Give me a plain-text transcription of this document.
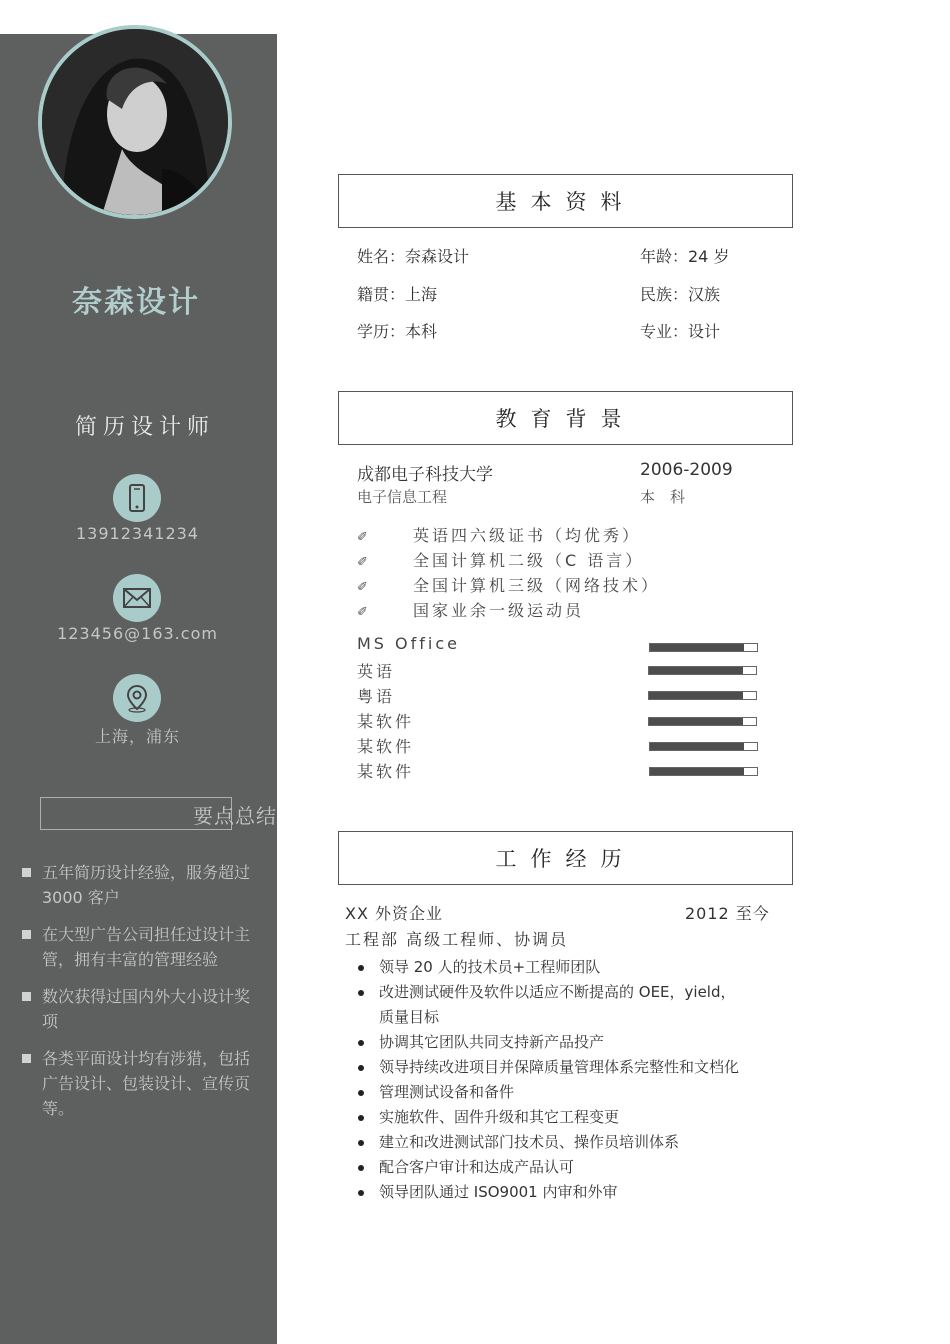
奈森设计
简历设计师
13912341234
123456@163.com
上海，浦东
要点总结
五年简历设计经验，服务超过 3000 客户
在大型广告公司担任过设计主管，拥有丰富的管理经验
数次获得过国内外大小设计奖项
各类平面设计均有涉猎，包括广告设计、包装设计、宣传页等。
基本资料
姓名：奈森设计	年龄：24 岁
籍贯：上海	民族：汉族
学历：本科	专业：设计
教育背景
成都电子科技大学	2006-2009
电子信息工程	本　科
✐	英语四六级证书（均优秀）
✐	全国计算机二级（C 语言）
✐	全国计算机三级（网络技术）
✐	国家业余一级运动员
MS Office
英语
粤语
某软件
某软件
某软件
工作经历
XX 外资企业	2012 至今
工程部 高级工程师、协调员
领导 20 人的技术员+工程师团队
改进测试硬件及软件以适应不断提高的 OEE，yield，
质量目标
协调其它团队共同支持新产品投产
领导持续改进项目并保障质量管理体系完整性和文档化
管理测试设备和备件
实施软件、固件升级和其它工程变更
建立和改进测试部门技术员、操作员培训体系
配合客户审计和达成产品认可
领导团队通过 ISO9001 内审和外审
